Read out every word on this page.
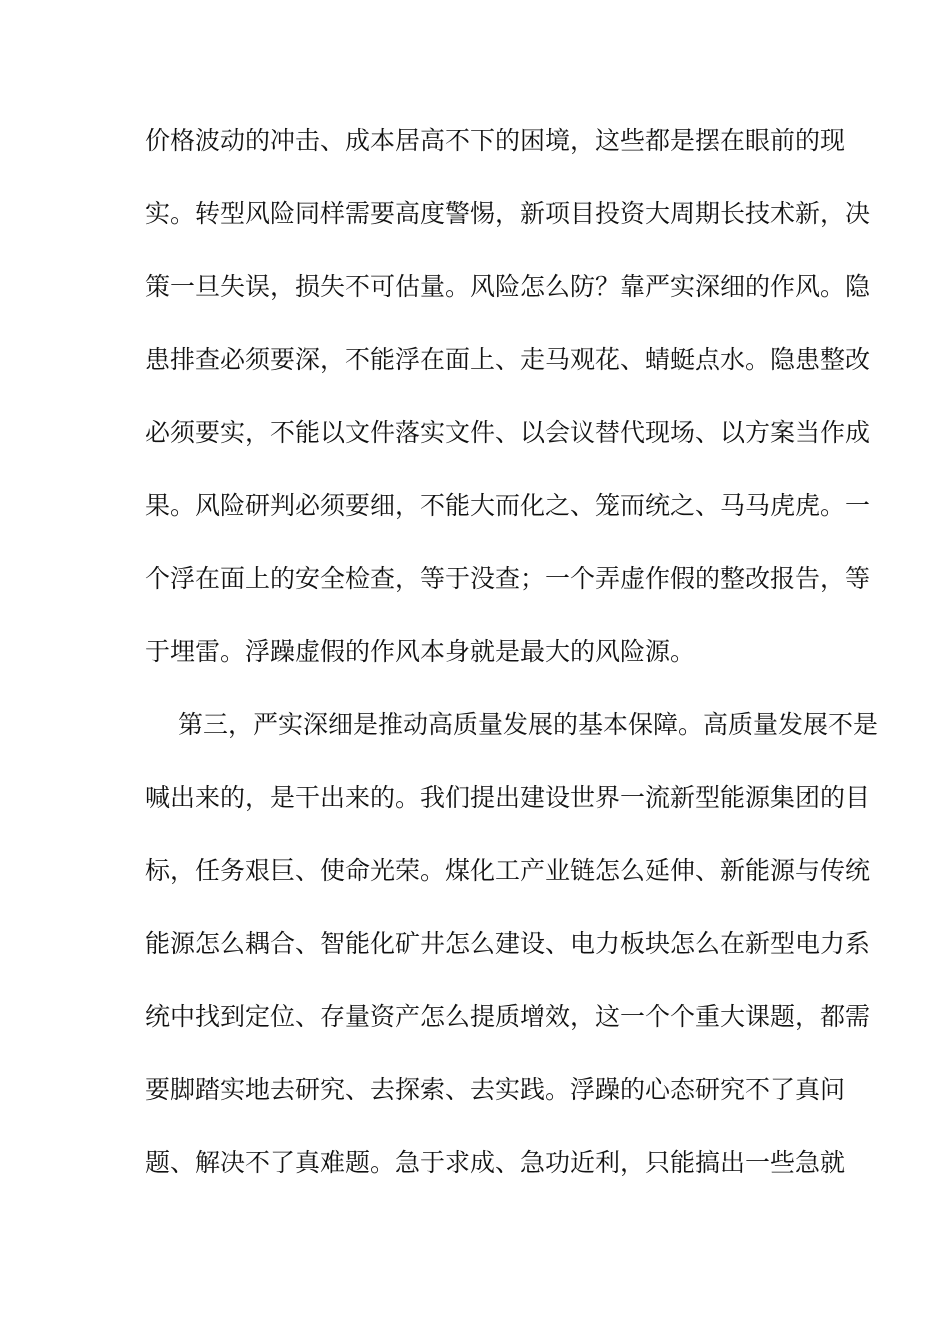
价格波动的冲击、成本居高不下的困境，这些都是摆在眼前的现
实。转型风险同样需要高度警惕，新项目投资大周期长技术新，决
策一旦失误，损失不可估量。风险怎么防？靠严实深细的作风。隐
患排查必须要深，不能浮在面上、走马观花、蜻蜓点水。隐患整改
必须要实，不能以文件落实文件、以会议替代现场、以方案当作成
果。风险研判必须要细，不能大而化之、笼而统之、马马虎虎。一
个浮在面上的安全检查，等于没查；一个弄虚作假的整改报告，等
于埋雷。浮躁虚假的作风本身就是最大的风险源。
第三，严实深细是推动高质量发展的基本保障。高质量发展不是
喊出来的，是干出来的。我们提出建设世界一流新型能源集团的目
标，任务艰巨、使命光荣。煤化工产业链怎么延伸、新能源与传统
能源怎么耦合、智能化矿井怎么建设、电力板块怎么在新型电力系
统中找到定位、存量资产怎么提质增效，这一个个重大课题，都需
要脚踏实地去研究、去探索、去实践。浮躁的心态研究不了真问
题、解决不了真难题。急于求成、急功近利，只能搞出一些急就
